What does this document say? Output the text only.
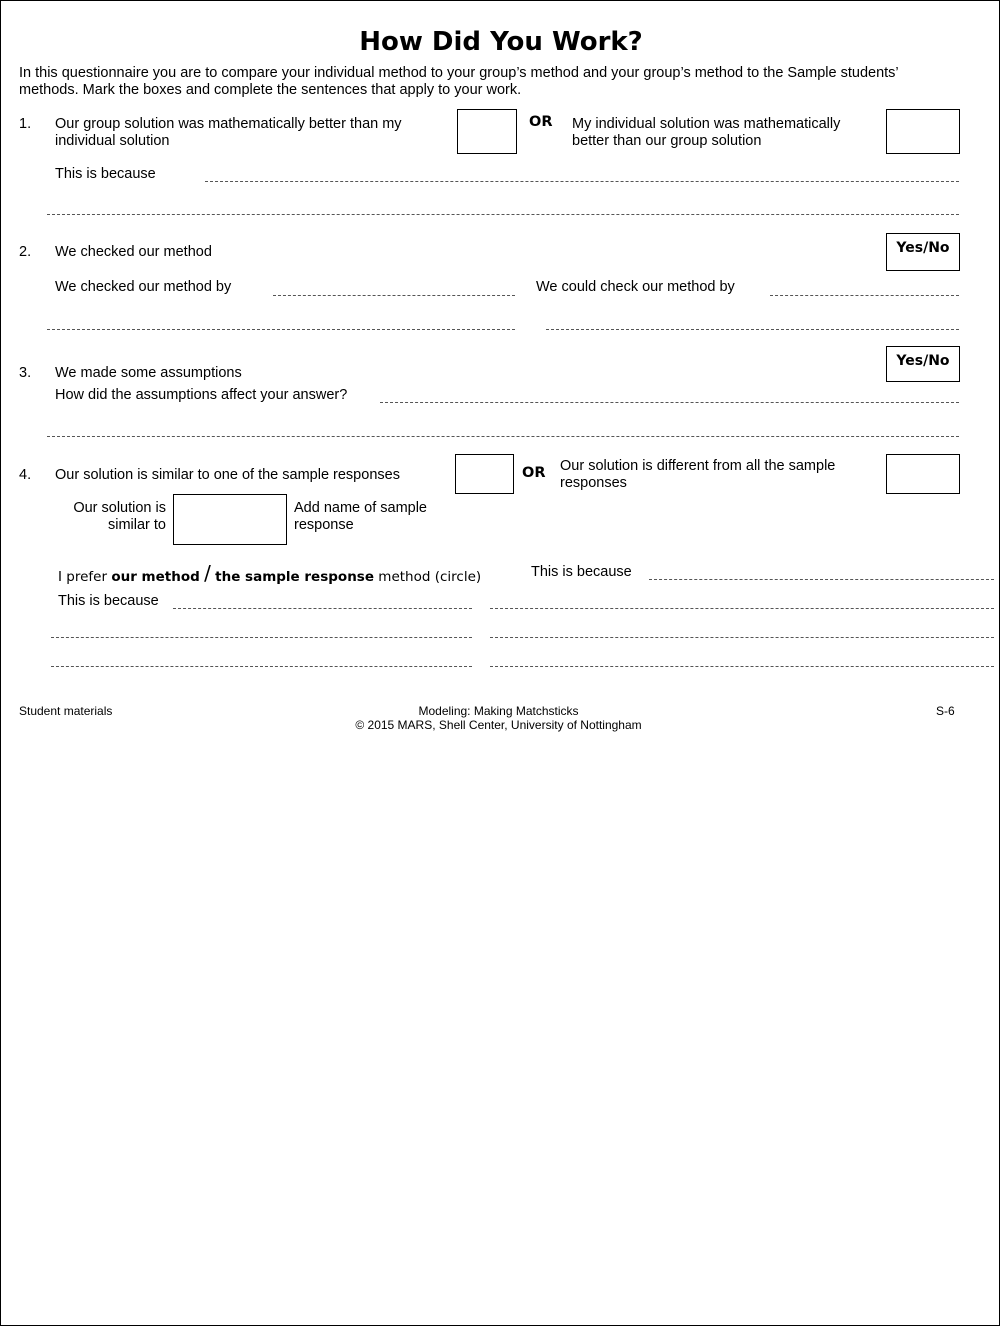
How Did You Work?
In this questionnaire you are to compare your individual method to your group’s method and your group’s method to the Sample students’
methods. Mark the boxes and complete the sentences that apply to your work.
1. Our group solution was mathematically better than my
individual solution
OR My individual solution was mathematically
better than our group solution
This is because
2. We checked our method	Yes/No
We checked our method by	We could check our method by
3. We made some assumptions
Yes/No
How did the assumptions affect your answer?
4. Our solution is similar to one of the sample responses	OR Our solution is different from all the sample
responses
Our solution is
similar to
Add name of sample
response
I prefer our method / the sample response method (circle)	This is because
This is because
Student materials	Modeling: Making Matchsticks
© 2015 MARS, Shell Center, University of Nottingham
S-6
